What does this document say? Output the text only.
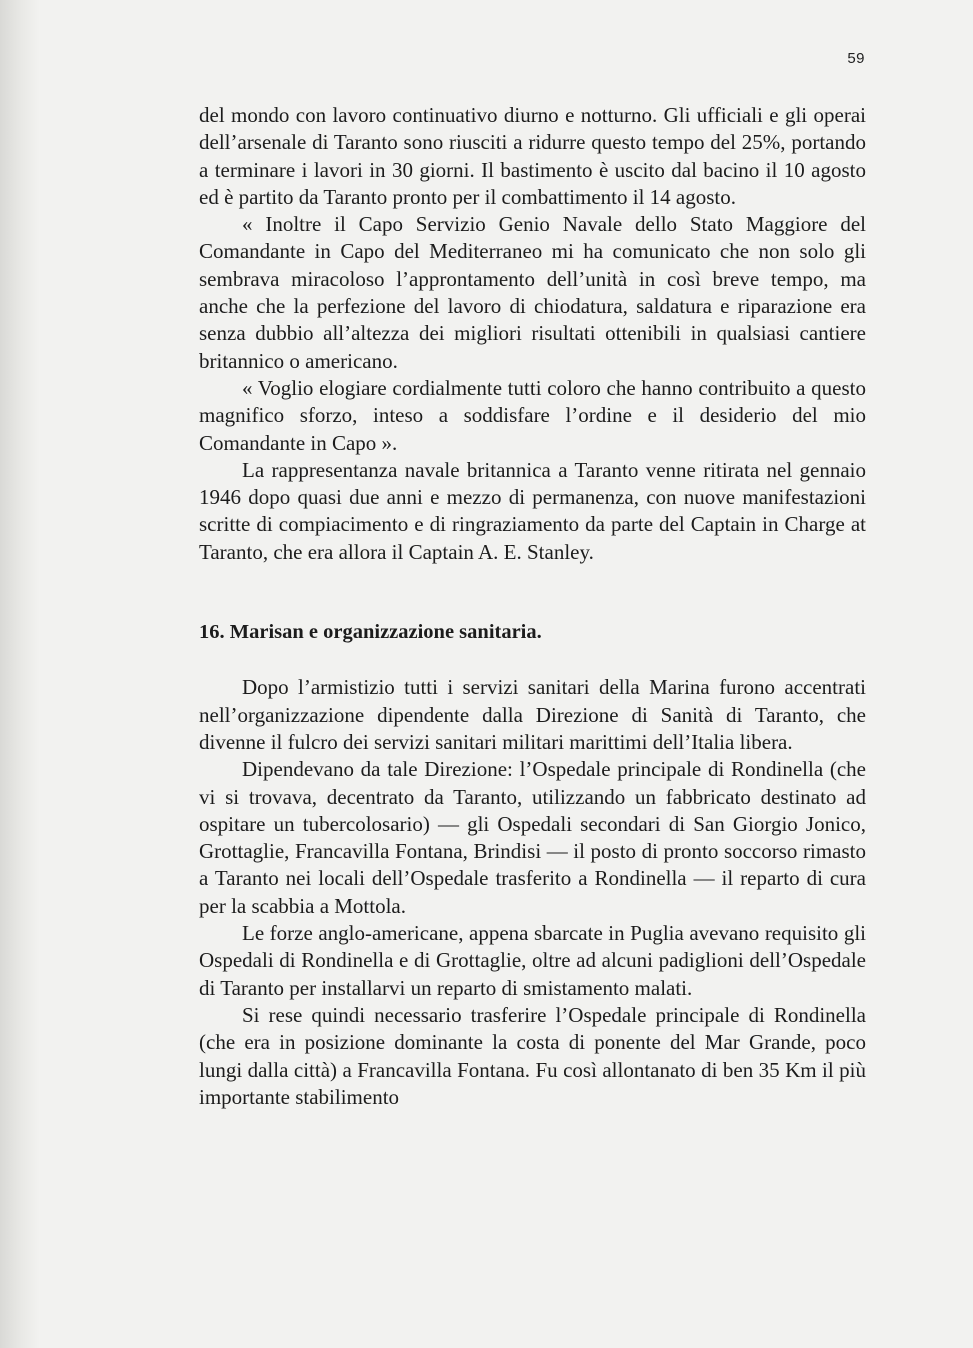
59

del mondo con lavoro continuativo diurno e notturno. Gli ufficiali e gli operai dell’arsenale di Taranto sono riusciti a ridurre questo tempo del 25%, portando a terminare i lavori in 30 giorni. Il bastimento è uscito dal bacino il 10 agosto ed è partito da Taranto pronto per il combattimento il 14 agosto.

« Inoltre il Capo Servizio Genio Navale dello Stato Maggiore del Comandante in Capo del Mediterraneo mi ha comunicato che non solo gli sembrava miracoloso l’approntamento dell’unità in così breve tempo, ma anche che la perfezione del lavoro di chiodatura, saldatura e riparazione era senza dubbio all’altezza dei migliori risultati ottenibili in qualsiasi cantiere britannico o americano.

« Voglio elogiare cordialmente tutti coloro che hanno contribuito a questo magnifico sforzo, inteso a soddisfare l’ordine e il desiderio del mio Comandante in Capo ».

La rappresentanza navale britannica a Taranto venne ritirata nel gennaio 1946 dopo quasi due anni e mezzo di permanenza, con nuove manifestazioni scritte di compiacimento e di ringraziamento da parte del Captain in Charge at Taranto, che era allora il Captain A. E. Stanley.

16. Marisan e organizzazione sanitaria.

Dopo l’armistizio tutti i servizi sanitari della Marina furono accentrati nell’organizzazione dipendente dalla Direzione di Sanità di Taranto, che divenne il fulcro dei servizi sanitari militari marittimi dell’Italia libera.

Dipendevano da tale Direzione: l’Ospedale principale di Rondinella (che vi si trovava, decentrato da Taranto, utilizzando un fabbricato destinato ad ospitare un tubercolosario) — gli Ospedali secondari di San Giorgio Jonico, Grottaglie, Francavilla Fontana, Brindisi — il posto di pronto soccorso rimasto a Taranto nei locali dell’Ospedale trasferito a Rondinella — il reparto di cura per la scabbia a Mottola.

Le forze anglo-americane, appena sbarcate in Puglia avevano requisito gli Ospedali di Rondinella e di Grottaglie, oltre ad alcuni padiglioni dell’Ospedale di Taranto per installarvi un reparto di smistamento malati.

Si rese quindi necessario trasferire l’Ospedale principale di Rondinella (che era in posizione dominante la costa di ponente del Mar Grande, poco lungi dalla città) a Francavilla Fontana. Fu così allontanato di ben 35 Km il più importante stabilimento
